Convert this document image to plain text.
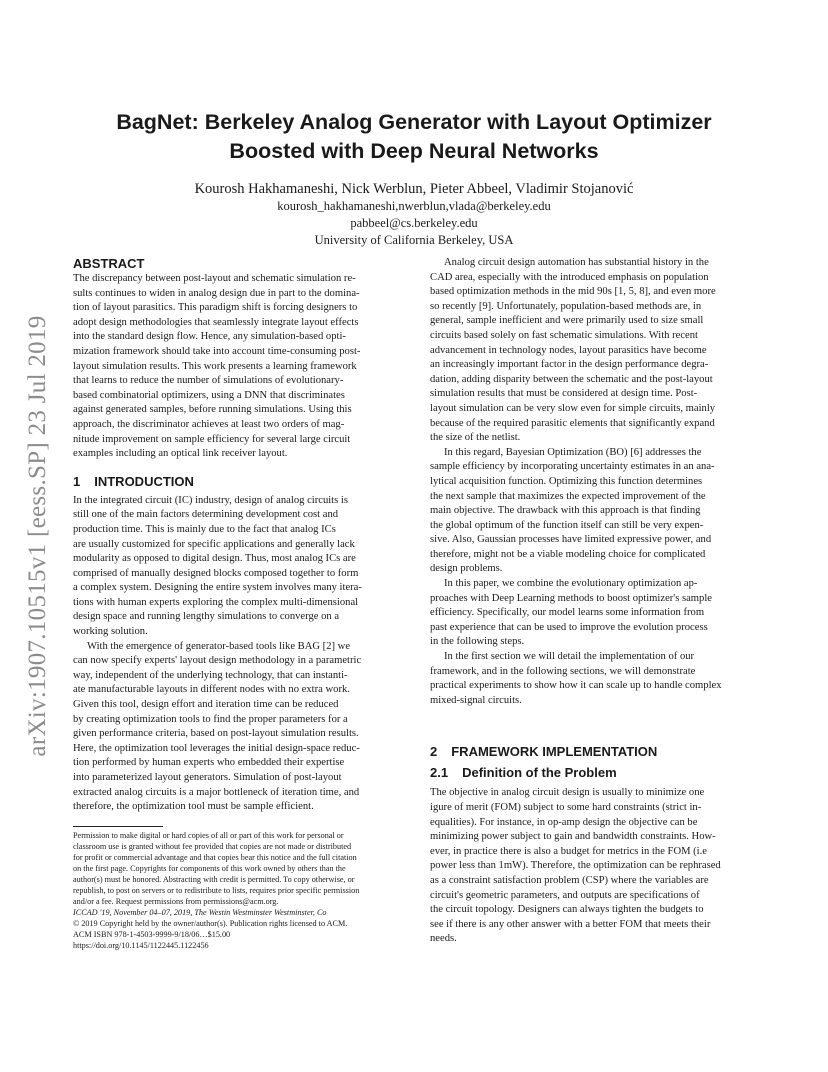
arXiv:1907.10515v1 [eess.SP] 23 Jul 2019
BagNet: Berkeley Analog Generator with Layout Optimizer
Boosted with Deep Neural Networks
Kourosh Hakhamaneshi, Nick Werblun, Pieter Abbeel, Vladimir Stojanović
kourosh_hakhamaneshi,nwerblun,vlada@berkeley.edu
pabbeel@cs.berkeley.edu
University of California Berkeley, USA
ABSTRACT

The discrepancy between post-layout and schematic simulation re-

sults continues to widen in analog design due in part to the domina-

tion of layout parasitics. This paradigm shift is forcing designers to

adopt design methodologies that seamlessly integrate layout effects

into the standard design flow. Hence, any simulation-based opti-

mization framework should take into account time-consuming post-

layout simulation results. This work presents a learning framework

that learns to reduce the number of simulations of evolutionary-

based combinatorial optimizers, using a DNN that discriminates

against generated samples, before running simulations. Using this

approach, the discriminator achieves at least two orders of mag-

nitude improvement on sample efficiency for several large circuit

examples including an optical link receiver layout.

1 INTRODUCTION

In the integrated circuit (IC) industry, design of analog circuits is

still one of the main factors determining development cost and

production time. This is mainly due to the fact that analog ICs

are usually customized for specific applications and generally lack

modularity as opposed to digital design. Thus, most analog ICs are

comprised of manually designed blocks composed together to form

a complex system. Designing the entire system involves many itera-

tions with human experts exploring the complex multi-dimensional

design space and running lengthy simulations to converge on a

working solution.

With the emergence of generator-based tools like BAG [2] we

can now specify experts' layout design methodology in a parametric

way, independent of the underlying technology, that can instanti-

ate manufacturable layouts in different nodes with no extra work.

Given this tool, design effort and iteration time can be reduced

by creating optimization tools to find the proper parameters for a

given performance criteria, based on post-layout simulation results.

Here, the optimization tool leverages the initial design-space reduc-

tion performed by human experts who embedded their expertise

into parameterized layout generators. Simulation of post-layout

extracted analog circuits is a major bottleneck of iteration time, and

therefore, the optimization tool must be sample efficient.

Permission to make digital or hard copies of all or part of this work for personal or

classroom use is granted without fee provided that copies are not made or distributed

for profit or commercial advantage and that copies bear this notice and the full citation

on the first page. Copyrights for components of this work owned by others than the

author(s) must be honored. Abstracting with credit is permitted. To copy otherwise, or

republish, to post on servers or to redistribute to lists, requires prior specific permission

and/or a fee. Request permissions from permissions@acm.org.

ICCAD '19, November 04–07, 2019, The Westin Westminster Westminster, Co

© 2019 Copyright held by the owner/author(s). Publication rights licensed to ACM.

ACM ISBN 978-1-4503-9999-9/18/06…$15.00

https://doi.org/10.1145/1122445.1122456

Analog circuit design automation has substantial history in the

CAD area, especially with the introduced emphasis on population

based optimization methods in the mid 90s [1, 5, 8], and even more

so recently [9]. Unfortunately, population-based methods are, in

general, sample inefficient and were primarily used to size small

circuits based solely on fast schematic simulations. With recent

advancement in technology nodes, layout parasitics have become

an increasingly important factor in the design performance degra-

dation, adding disparity between the schematic and the post-layout

simulation results that must be considered at design time. Post-

layout simulation can be very slow even for simple circuits, mainly

because of the required parasitic elements that significantly expand

the size of the netlist.

In this regard, Bayesian Optimization (BO) [6] addresses the

sample efficiency by incorporating uncertainty estimates in an ana-

lytical acquisition function. Optimizing this function determines

the next sample that maximizes the expected improvement of the

main objective. The drawback with this approach is that finding

the global optimum of the function itself can still be very expen-

sive. Also, Gaussian processes have limited expressive power, and

therefore, might not be a viable modeling choice for complicated

design problems.

In this paper, we combine the evolutionary optimization ap-

proaches with Deep Learning methods to boost optimizer's sample

efficiency. Specifically, our model learns some information from

past experience that can be used to improve the evolution process

in the following steps.

In the first section we will detail the implementation of our

framework, and in the following sections, we will demonstrate

practical experiments to show how it can scale up to handle complex

mixed-signal circuits.

2 FRAMEWORK IMPLEMENTATION
2.1 Definition of the Problem

The objective in analog circuit design is usually to minimize one

igure of merit (FOM) subject to some hard constraints (strict in-

equalities). For instance, in op-amp design the objective can be

minimizing power subject to gain and bandwidth constraints. How-

ever, in practice there is also a budget for metrics in the FOM (i.e

power less than 1mW). Therefore, the optimization can be rephrased

as a constraint satisfaction problem (CSP) where the variables are

circuit's geometric parameters, and outputs are specifications of

the circuit topology. Designers can always tighten the budgets to

see if there is any other answer with a better FOM that meets their

needs.
